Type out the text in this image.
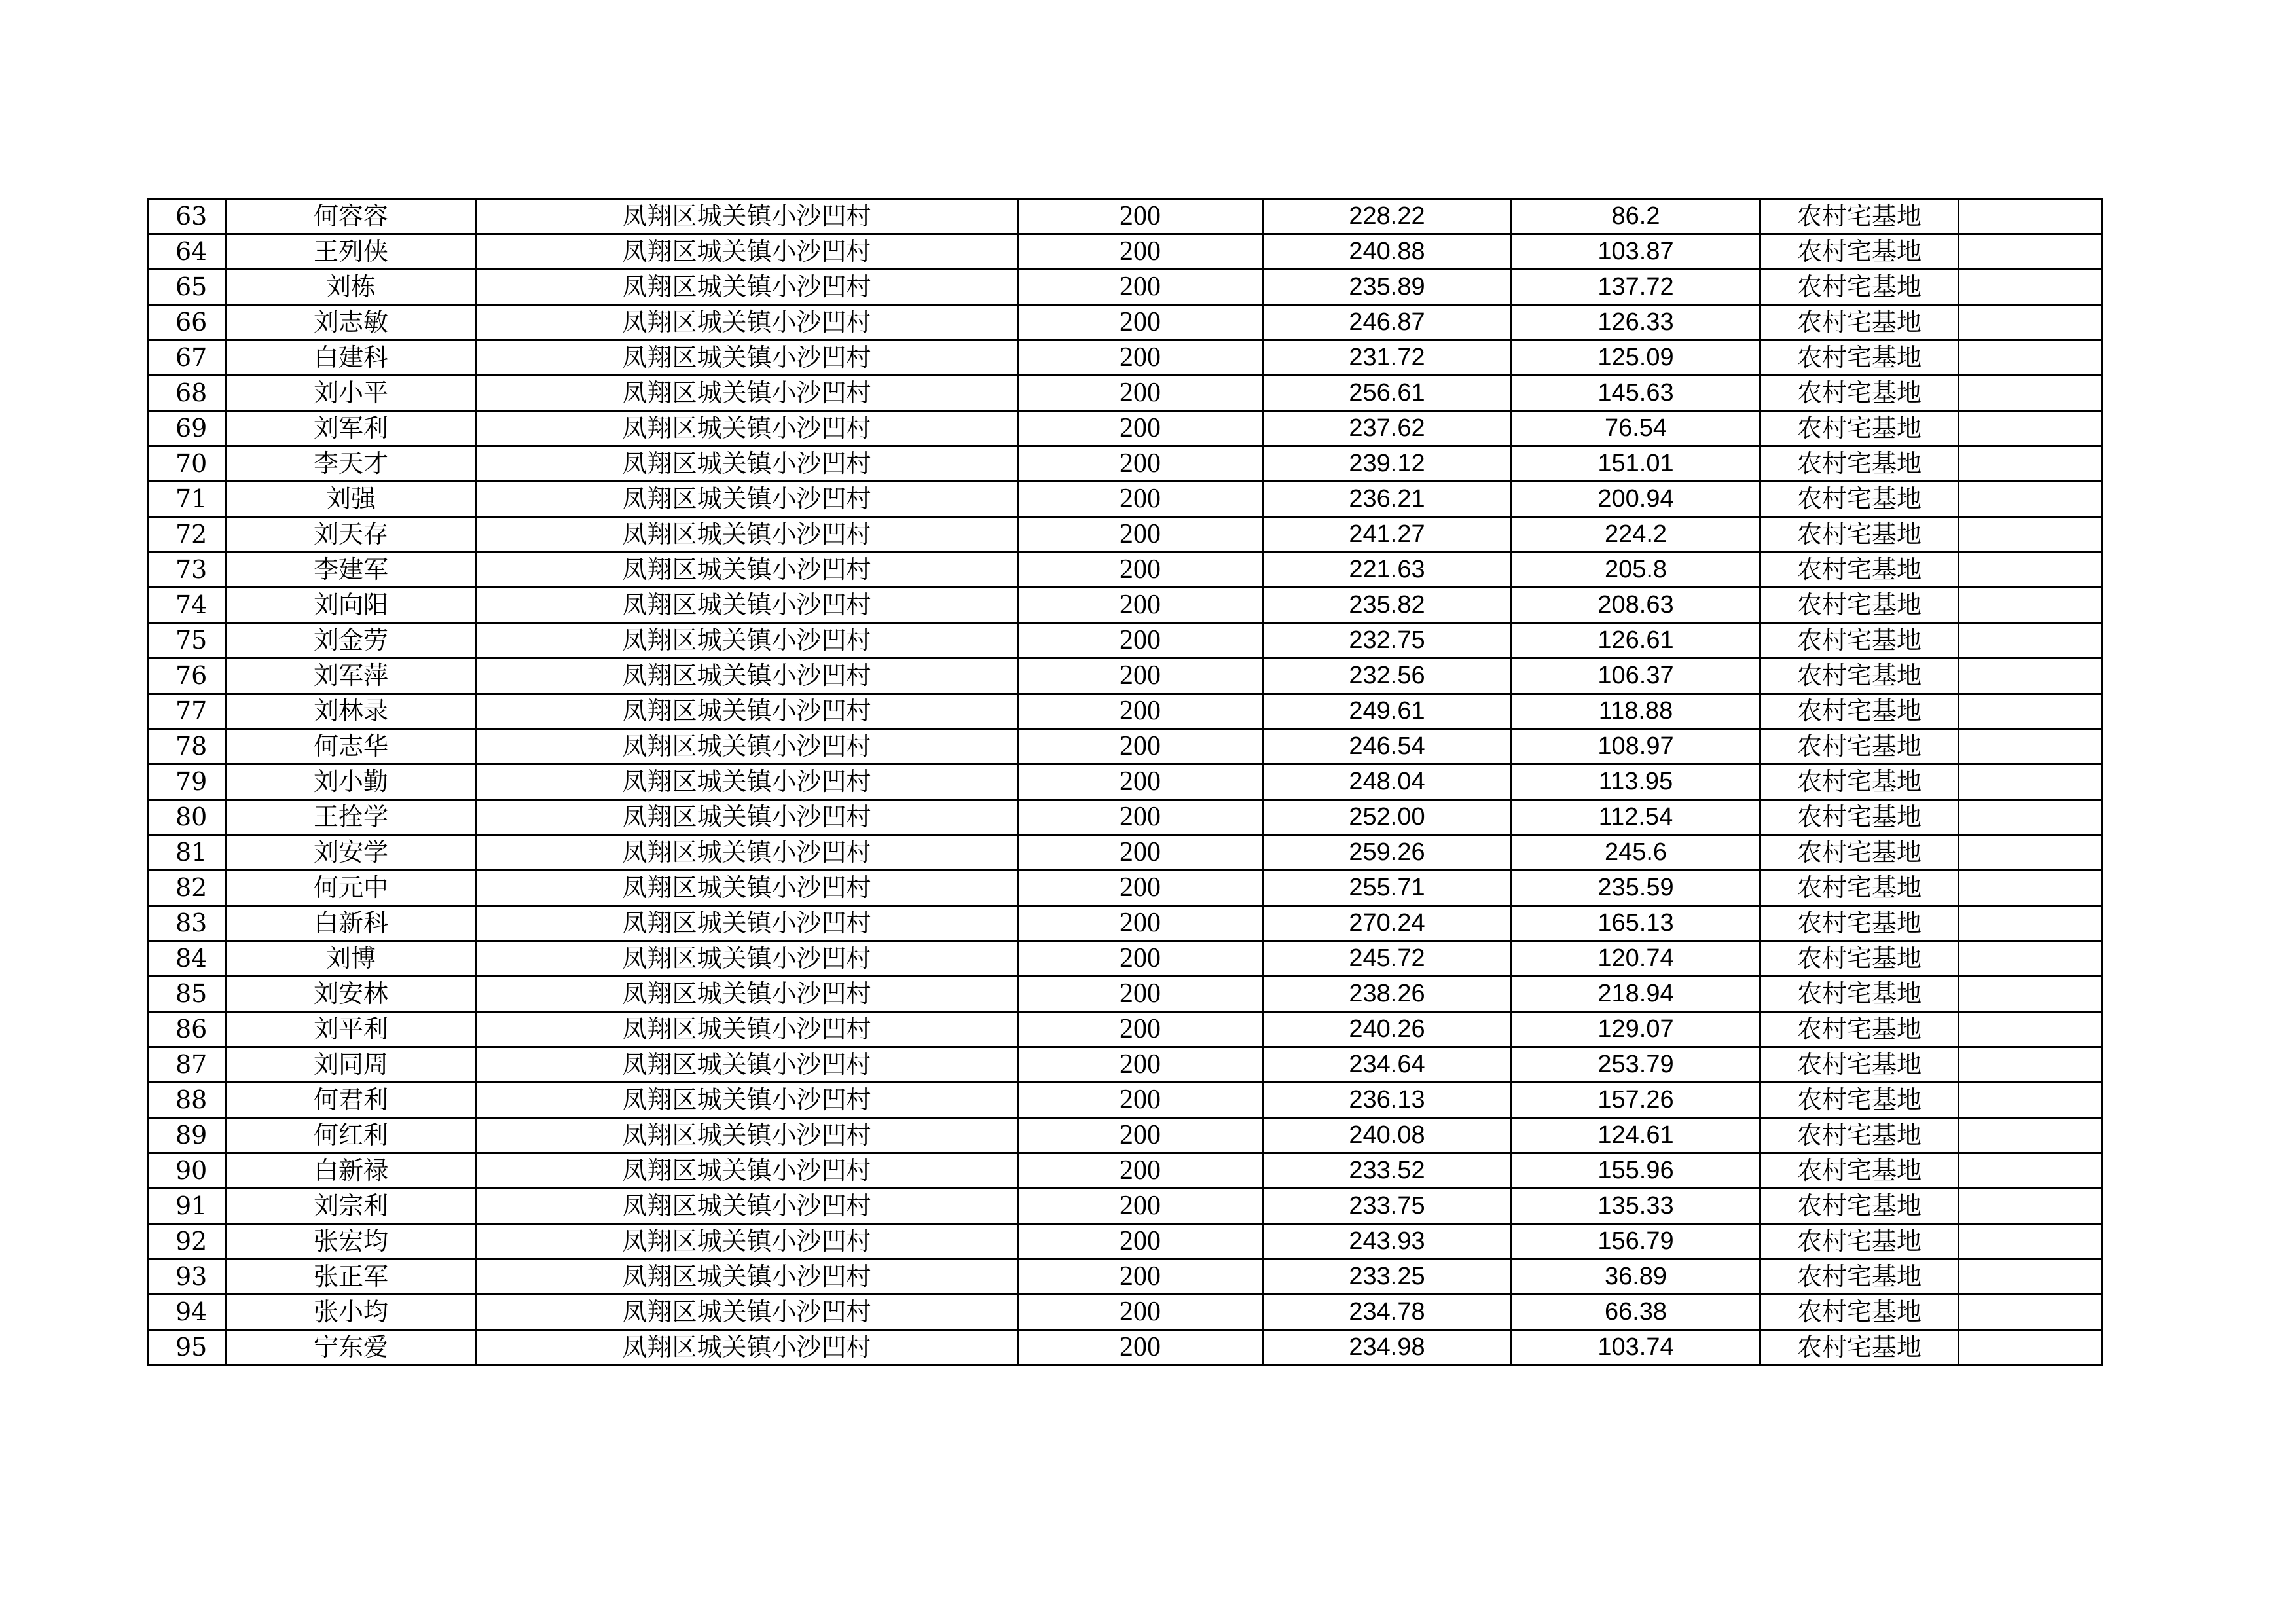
63	何容容	凤翔区城关镇小沙凹村	200	228.22	86.2	农村宅基地	
64	王列侠	凤翔区城关镇小沙凹村	200	240.88	103.87	农村宅基地	
65	刘栋	凤翔区城关镇小沙凹村	200	235.89	137.72	农村宅基地	
66	刘志敏	凤翔区城关镇小沙凹村	200	246.87	126.33	农村宅基地	
67	白建科	凤翔区城关镇小沙凹村	200	231.72	125.09	农村宅基地	
68	刘小平	凤翔区城关镇小沙凹村	200	256.61	145.63	农村宅基地	
69	刘军利	凤翔区城关镇小沙凹村	200	237.62	76.54	农村宅基地	
70	李天才	凤翔区城关镇小沙凹村	200	239.12	151.01	农村宅基地	
71	刘强	凤翔区城关镇小沙凹村	200	236.21	200.94	农村宅基地	
72	刘天存	凤翔区城关镇小沙凹村	200	241.27	224.2	农村宅基地	
73	李建军	凤翔区城关镇小沙凹村	200	221.63	205.8	农村宅基地	
74	刘向阳	凤翔区城关镇小沙凹村	200	235.82	208.63	农村宅基地	
75	刘金劳	凤翔区城关镇小沙凹村	200	232.75	126.61	农村宅基地	
76	刘军萍	凤翔区城关镇小沙凹村	200	232.56	106.37	农村宅基地	
77	刘林录	凤翔区城关镇小沙凹村	200	249.61	118.88	农村宅基地	
78	何志华	凤翔区城关镇小沙凹村	200	246.54	108.97	农村宅基地	
79	刘小勤	凤翔区城关镇小沙凹村	200	248.04	113.95	农村宅基地	
80	王拴学	凤翔区城关镇小沙凹村	200	252.00	112.54	农村宅基地	
81	刘安学	凤翔区城关镇小沙凹村	200	259.26	245.6	农村宅基地	
82	何元中	凤翔区城关镇小沙凹村	200	255.71	235.59	农村宅基地	
83	白新科	凤翔区城关镇小沙凹村	200	270.24	165.13	农村宅基地	
84	刘博	凤翔区城关镇小沙凹村	200	245.72	120.74	农村宅基地	
85	刘安林	凤翔区城关镇小沙凹村	200	238.26	218.94	农村宅基地	
86	刘平利	凤翔区城关镇小沙凹村	200	240.26	129.07	农村宅基地	
87	刘同周	凤翔区城关镇小沙凹村	200	234.64	253.79	农村宅基地	
88	何君利	凤翔区城关镇小沙凹村	200	236.13	157.26	农村宅基地	
89	何红利	凤翔区城关镇小沙凹村	200	240.08	124.61	农村宅基地	
90	白新禄	凤翔区城关镇小沙凹村	200	233.52	155.96	农村宅基地	
91	刘宗利	凤翔区城关镇小沙凹村	200	233.75	135.33	农村宅基地	
92	张宏均	凤翔区城关镇小沙凹村	200	243.93	156.79	农村宅基地	
93	张正军	凤翔区城关镇小沙凹村	200	233.25	36.89	农村宅基地	
94	张小均	凤翔区城关镇小沙凹村	200	234.78	66.38	农村宅基地	
95	宁东爱	凤翔区城关镇小沙凹村	200	234.98	103.74	农村宅基地	
